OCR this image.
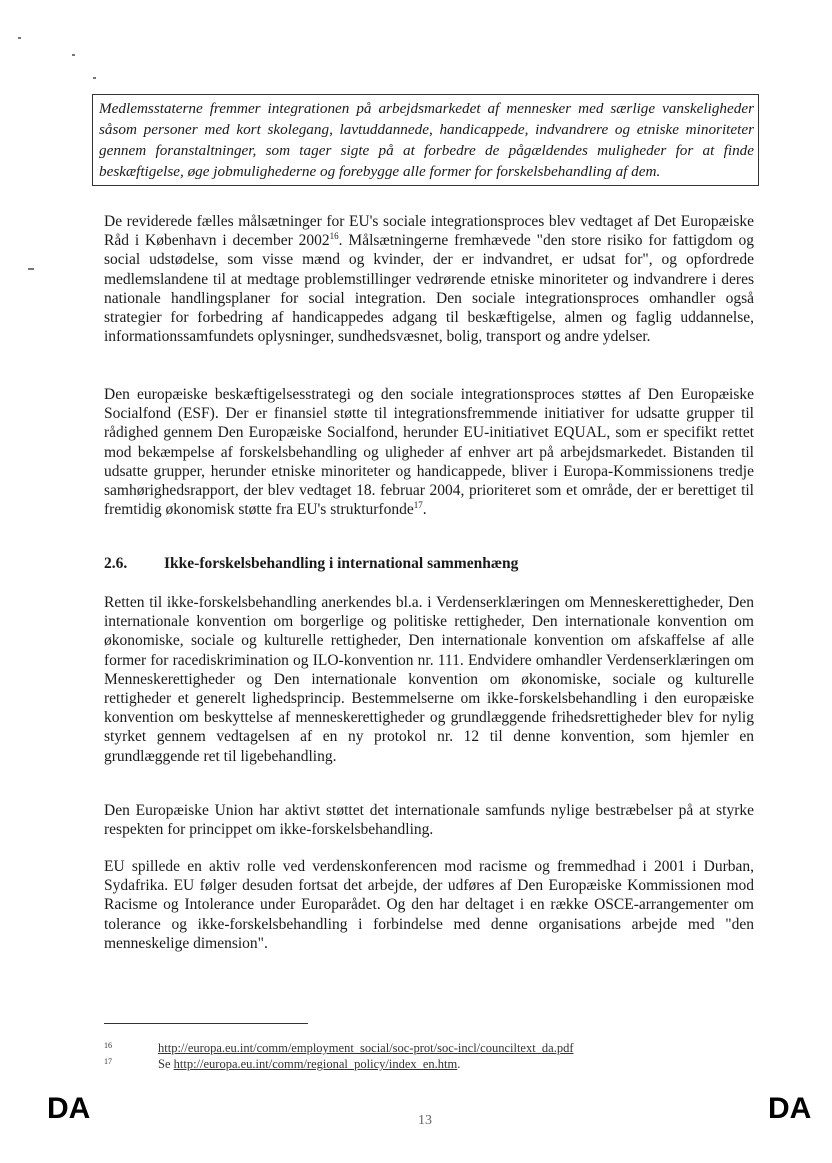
Medlemsstaterne fremmer integrationen på arbejdsmarkedet af mennesker med særlige vanskeligheder såsom personer med kort skolegang, lavtuddannede, handicappede, indvandrere og etniske minoriteter gennem foranstaltninger, som tager sigte på at forbedre de pågældendes muligheder for at finde beskæftigelse, øge jobmulighederne og forebygge alle former for forskelsbehandling af dem.
De reviderede fælles målsætninger for EU's sociale integrationsproces blev vedtaget af Det Europæiske Råd i København i december 2002$^{16}$. Målsætningerne fremhævede "den store risiko for fattigdom og social udstødelse, som visse mænd og kvinder, der er indvandret, er udsat for", og opfordrede medlemslandene til at medtage problemstillinger vedrørende etniske minoriteter og indvandrere i deres nationale handlingsplaner for social integration. Den sociale integrationsproces omhandler også strategier for forbedring af handicappedes adgang til beskæftigelse, almen og faglig uddannelse, informationssamfundets oplysninger, sundhedsvæsnet, bolig, transport og andre ydelser.
Den europæiske beskæftigelsesstrategi og den sociale integrationsproces støttes af Den Europæiske Socialfond (ESF). Der er finansiel støtte til integrationsfremmende initiativer for udsatte grupper til rådighed gennem Den Europæiske Socialfond, herunder EU-initiativet EQUAL, som er specifikt rettet mod bekæmpelse af forskelsbehandling og uligheder af enhver art på arbejdsmarkedet. Bistanden til udsatte grupper, herunder etniske minoriteter og handicappede, bliver i Europa-Kommissionens tredje samhørighedsrapport, der blev vedtaget 18. februar 2004, prioriteret som et område, der er berettiget til fremtidig økonomisk støtte fra EU's strukturfonde$^{17}$.
2.6. Ikke-forskelsbehandling i international sammenhæng
Retten til ikke-forskelsbehandling anerkendes bl.a. i Verdenserklæringen om Menneskerettigheder, Den internationale konvention om borgerlige og politiske rettigheder, Den internationale konvention om økonomiske, sociale og kulturelle rettigheder, Den internationale konvention om afskaffelse af alle former for racediskrimination og ILO-konvention nr. 111. Endvidere omhandler Verdenserklæringen om Menneskerettigheder og Den internationale konvention om økonomiske, sociale og kulturelle rettigheder et generelt lighedsprincip. Bestemmelserne om ikke-forskelsbehandling i den europæiske konvention om beskyttelse af menneskerettigheder og grundlæggende frihedsrettigheder blev for nylig styrket gennem vedtagelsen af en ny protokol nr. 12 til denne konvention, som hjemler en grundlæggende ret til ligebehandling.
Den Europæiske Union har aktivt støttet det internationale samfunds nylige bestræbelser på at styrke respekten for princippet om ikke-forskelsbehandling.
EU spillede en aktiv rolle ved verdenskonferencen mod racisme og fremmedhad i 2001 i Durban, Sydafrika. EU følger desuden fortsat det arbejde, der udføres af Den Europæiske Kommissionen mod Racisme og Intolerance under Europarådet. Og den har deltaget i en række OSCE-arrangementer om tolerance og ikke-forskelsbehandling i forbindelse med denne organisations arbejde med "den menneskelige dimension".
16	http://europa.eu.int/comm/employment_social/soc-prot/soc-incl/counciltext_da.pdf
17	Se http://europa.eu.int/comm/regional_policy/index_en.htm.
DA	13	DA
